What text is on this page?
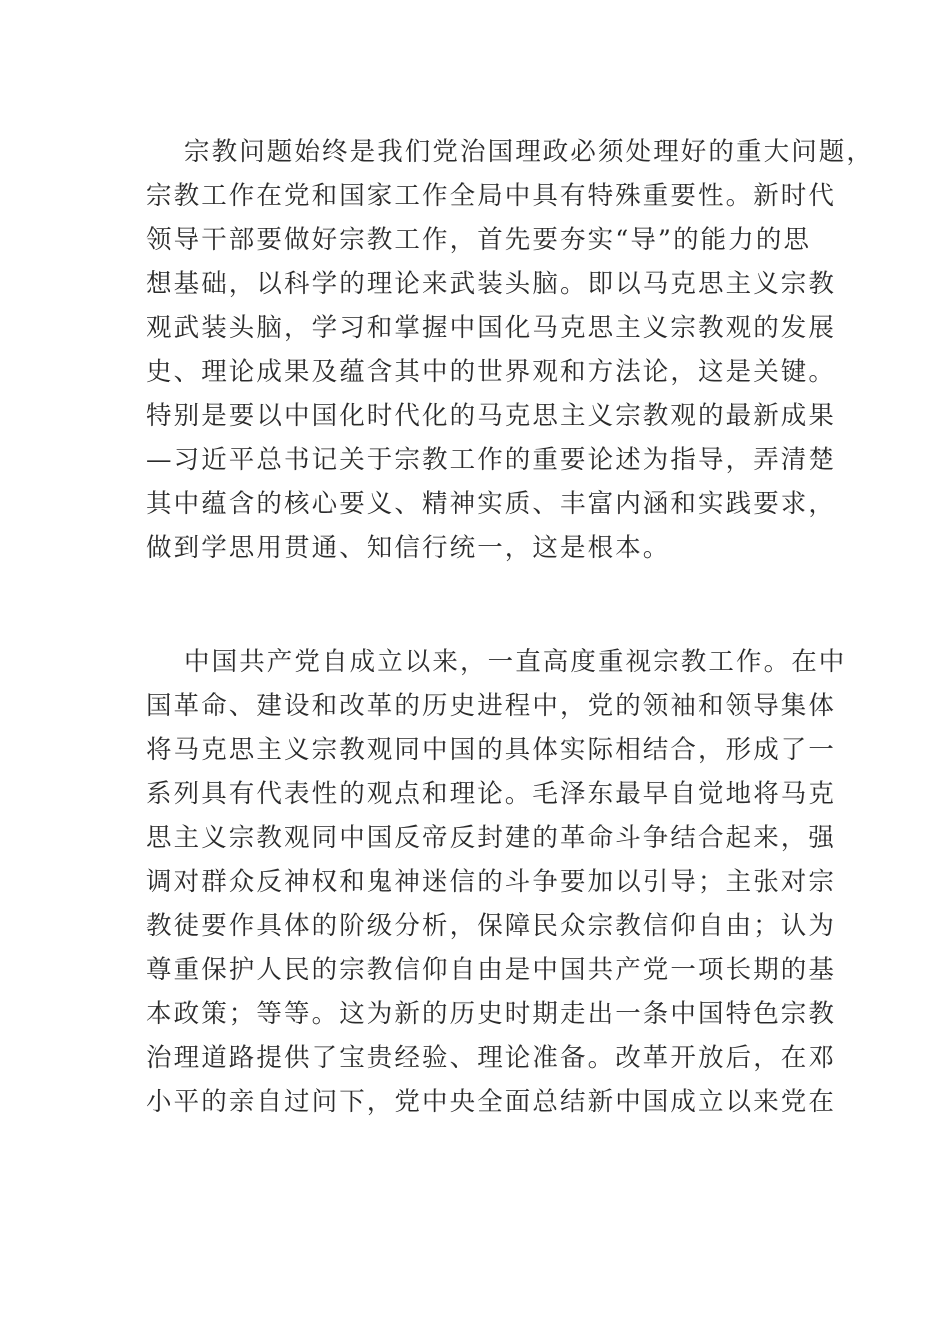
宗教问题始终是我们党治国理政必须处理好的重大问题，
宗教工作在党和国家工作全局中具有特殊重要性。新时代
领导干部要做好宗教工作，首先要夯实“导”的能力的思
想基础，以科学的理论来武装头脑。即以马克思主义宗教
观武装头脑，学习和掌握中国化马克思主义宗教观的发展
史、理论成果及蕴含其中的世界观和方法论，这是关键。
特别是要以中国化时代化的马克思主义宗教观的最新成果
—习近平总书记关于宗教工作的重要论述为指导，弄清楚
其中蕴含的核心要义、精神实质、丰富内涵和实践要求，
做到学思用贯通、知信行统一，这是根本。
中国共产党自成立以来，一直高度重视宗教工作。在中
国革命、建设和改革的历史进程中，党的领袖和领导集体
将马克思主义宗教观同中国的具体实际相结合，形成了一
系列具有代表性的观点和理论。毛泽东最早自觉地将马克
思主义宗教观同中国反帝反封建的革命斗争结合起来，强
调对群众反神权和鬼神迷信的斗争要加以引导；主张对宗
教徒要作具体的阶级分析，保障民众宗教信仰自由；认为
尊重保护人民的宗教信仰自由是中国共产党一项长期的基
本政策；等等。这为新的历史时期走出一条中国特色宗教
治理道路提供了宝贵经验、理论准备。改革开放后，在邓
小平的亲自过问下，党中央全面总结新中国成立以来党在
